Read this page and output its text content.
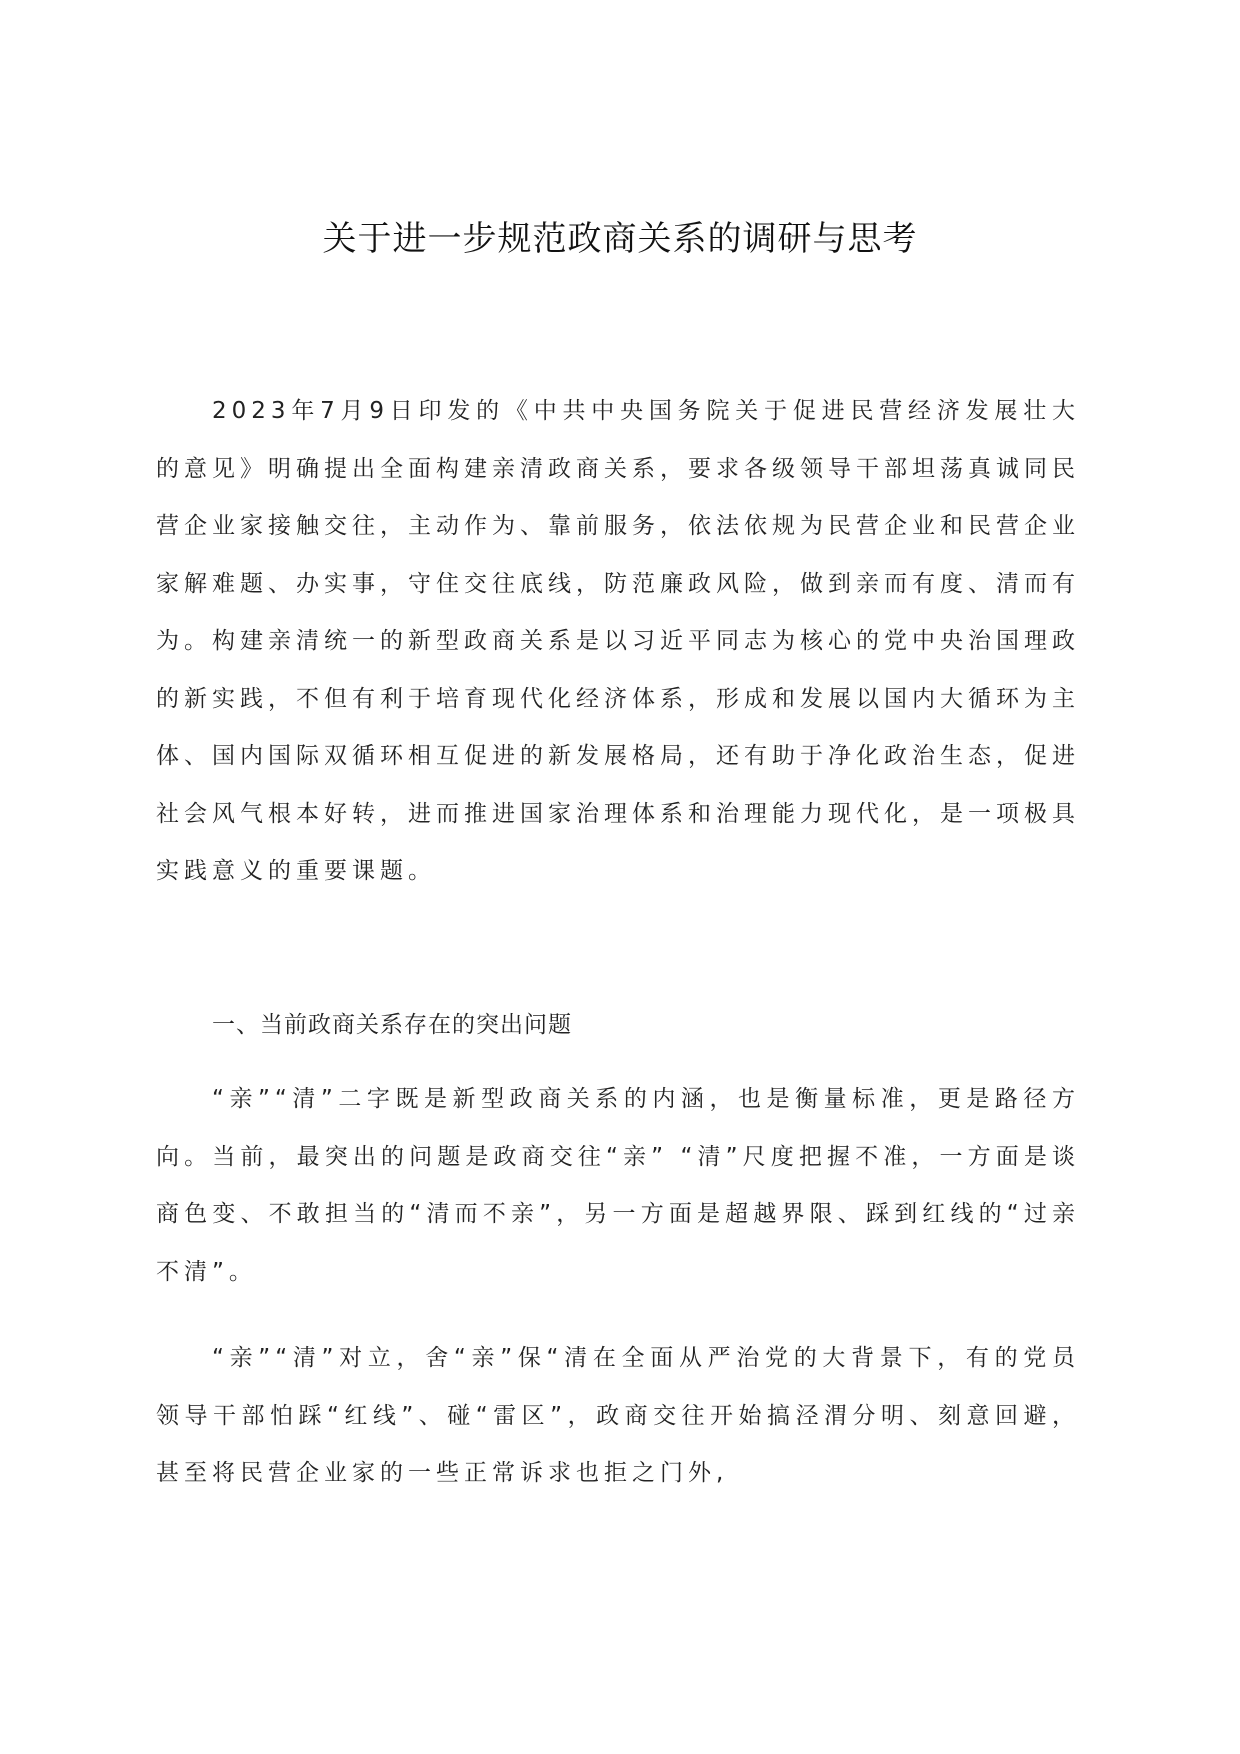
关于进一步规范政商关系的调研与思考

2023年7月9日印发的《中共中央国务院关于促进民营经济发展壮大的意见》明确提出全面构建亲清政商关系，要求各级领导干部坦荡真诚同民营企业家接触交往，主动作为、靠前服务，依法依规为民营企业和民营企业家解难题、办实事，守住交往底线，防范廉政风险，做到亲而有度、清而有为。构建亲清统一的新型政商关系是以习近平同志为核心的党中央治国理政的新实践，不但有利于培育现代化经济体系，形成和发展以国内大循环为主体、国内国际双循环相互促进的新发展格局，还有助于净化政治生态，促进社会风气根本好转，进而推进国家治理体系和治理能力现代化，是一项极具实践意义的重要课题。

一、当前政商关系存在的突出问题

“亲”“清”二字既是新型政商关系的内涵，也是衡量标准，更是路径方向。当前，最突出的问题是政商交往“亲” “清”尺度把握不准，一方面是谈商色变、不敢担当的“清而不亲”，另一方面是超越界限、踩到红线的“过亲不清”。

“亲”“清”对立，舍“亲”保“清在全面从严治党的大背景下，有的党员领导干部怕踩“红线”、碰“雷区”，政商交往开始搞泾渭分明、刻意回避，甚至将民营企业家的一些正常诉求也拒之门外,
